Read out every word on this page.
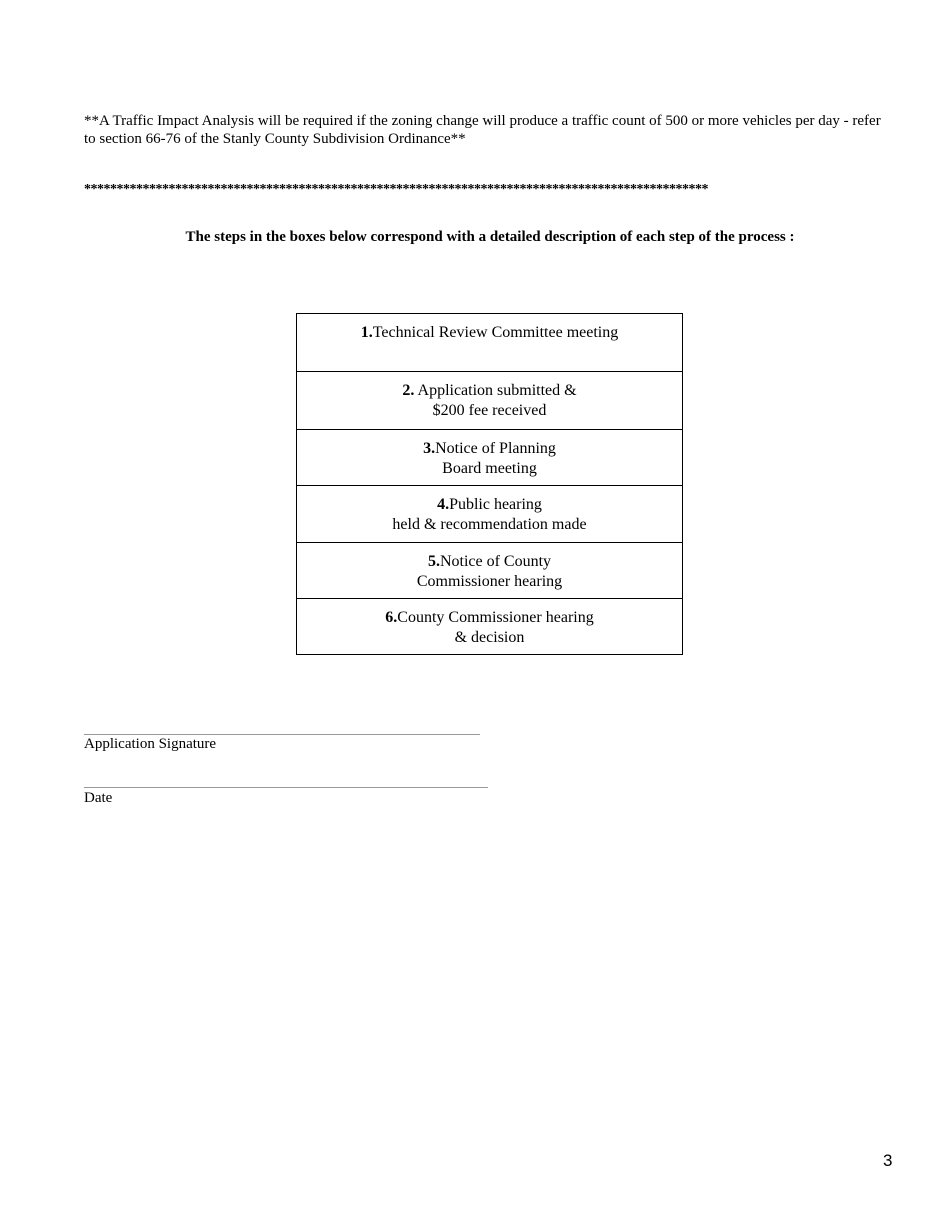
**A Traffic Impact Analysis will be required if the zoning change will produce a traffic count of 500 or more vehicles per day - refer to section 66-76 of the Stanly County Subdivision Ordinance**
************************************************************************************************
The steps in the boxes below correspond with a detailed description of each step of the process :
1.Technical Review Committee meeting
2. Application submitted &
$200 fee received
3.Notice of Planning
Board meeting
4.Public hearing
held & recommendation made
5.Notice of County
Commissioner hearing
6.County Commissioner hearing
& decision
Application Signature
Date
3
